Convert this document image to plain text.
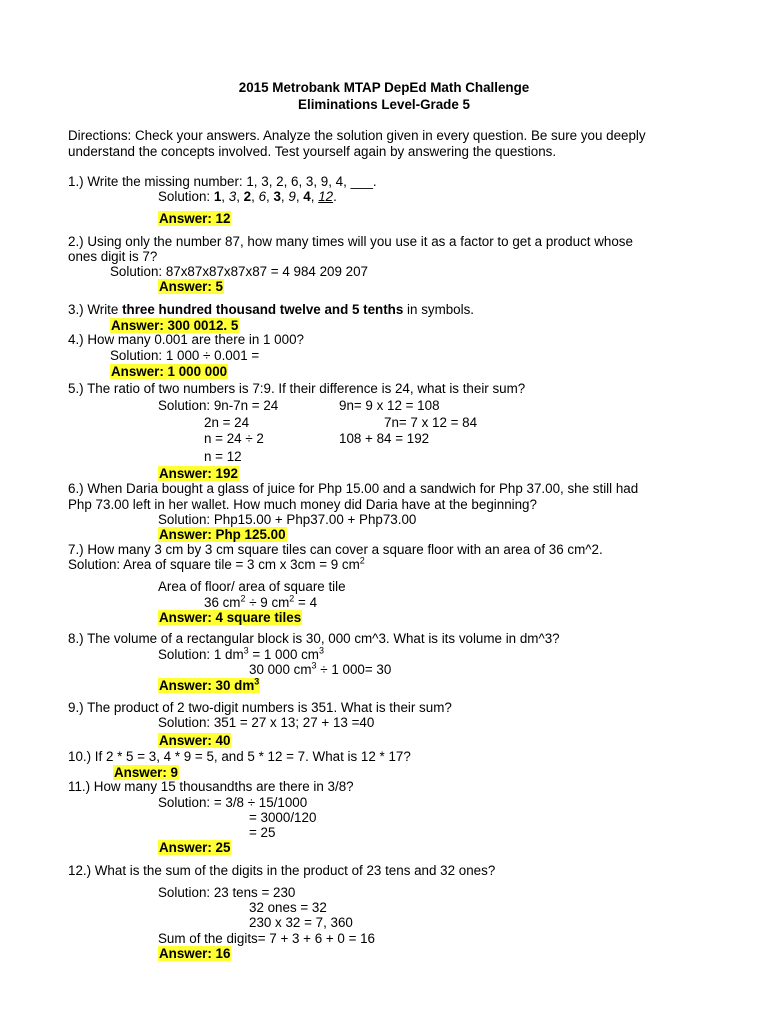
2015 Metrobank MTAP DepEd Math Challenge
Eliminations Level-Grade 5
Directions: Check your answers. Analyze the solution given in every question. Be sure you deeply
understand the concepts involved. Test yourself again by answering the questions.
1.) Write the missing number: 1, 3, 2, 6, 3, 9, 4, ___.
Solution: 1, 3, 2, 6, 3, 9, 4, 12.
Answer: 12
2.) Using only the number 87, how many times will you use it as a factor to get a product whose
ones digit is 7?
Solution: 87x87x87x87x87 = 4 984 209 207
Answer: 5
3.) Write three hundred thousand twelve and 5 tenths in symbols.
Answer: 300 0012. 5
4.) How many 0.001 are there in 1 000?
Solution: 1 000 ÷ 0.001 =
Answer: 1 000 000
5.) The ratio of two numbers is 7:9. If their difference is 24, what is their sum?
Solution: 9n-7n = 24	9n= 9 x 12 = 108
2n = 24	7n= 7 x 12 = 84
n = 24 ÷ 2	108 + 84 = 192
n = 12
Answer: 192
6.) When Daria bought a glass of juice for Php 15.00 and a sandwich for Php 37.00, she still had
Php 73.00 left in her wallet. How much money did Daria have at the beginning?
Solution: Php15.00 + Php37.00 + Php73.00
Answer: Php 125.00
7.) How many 3 cm by 3 cm square tiles can cover a square floor with an area of 36 cm^2.
Solution: Area of square tile = 3 cm x 3cm = 9 $cm^2$
Area of floor/ area of square tile
36 $cm^2 \div 9$ $cm^2 = 4$
Answer: 4 square tiles
8.) The volume of a rectangular block is 30, 000 cm^3. What is its volume in dm^3?
Solution: 1 $dm^3 = 1$ 000 $cm^3$
30 000 $cm^3 \div 1$ 000= 30
Answer: 30 $dm^3$
9.) The product of 2 two-digit numbers is 351. What is their sum?
Solution: 351 = 27 x 13; 27 + 13 =40
Answer: 40
10.) If 2 * 5 = 3, 4 * 9 = 5, and 5 * 12 = 7. What is 12 * 17?
Answer: 9
11.) How many 15 thousandths are there in 3/8?
Solution: = 3/8 ÷ 15/1000
= 3000/120
= 25
Answer: 25
12.) What is the sum of the digits in the product of 23 tens and 32 ones?
Solution: 23 tens = 230
32 ones = 32
230 x 32 = 7, 360
Sum of the digits= 7 + 3 + 6 + 0 = 16
Answer: 16
